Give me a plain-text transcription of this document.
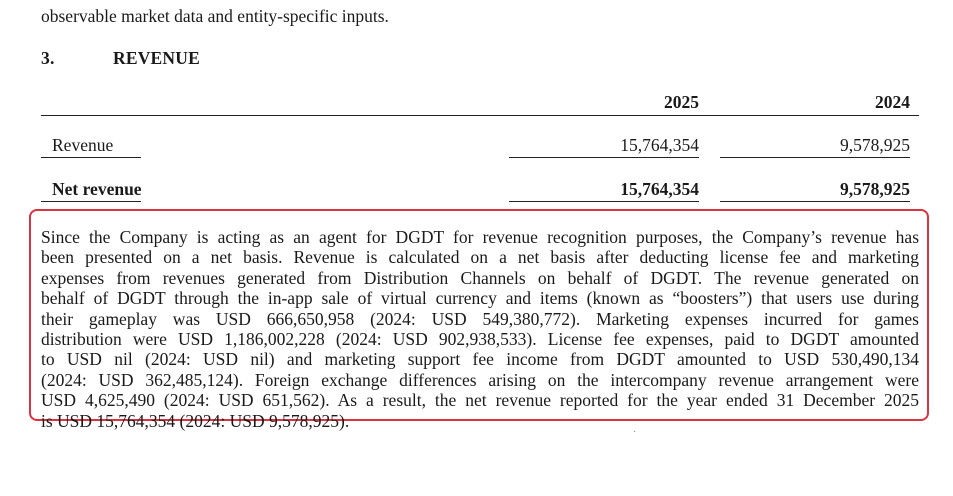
observable market data and entity-specific inputs.
3.	REVENUE
2025	2024
Revenue	15,764,354	9,578,925
Net revenue	15,764,354	9,578,925
Since the Company is acting as an agent for DGDT for revenue recognition purposes, the Company’s revenue has
been presented on a net basis. Revenue is calculated on a net basis after deducting license fee and marketing
expenses from revenues generated from Distribution Channels on behalf of DGDT. The revenue generated on
behalf of DGDT through the in-app sale of virtual currency and items (known as “boosters”) that users use during
their gameplay was USD 666,650,958 (2024: USD 549,380,772). Marketing expenses incurred for games
distribution were USD 1,186,002,228 (2024: USD 902,938,533). License fee expenses, paid to DGDT amounted
to USD nil (2024: USD nil) and marketing support fee income from DGDT amounted to USD 530,490,134
(2024: USD 362,485,124). Foreign exchange differences arising on the intercompany revenue arrangement were
USD 4,625,490 (2024: USD 651,562). As a result, the net revenue reported for the year ended 31 December 2025
is USD 15,764,354 (2024: USD 9,578,925).
·
